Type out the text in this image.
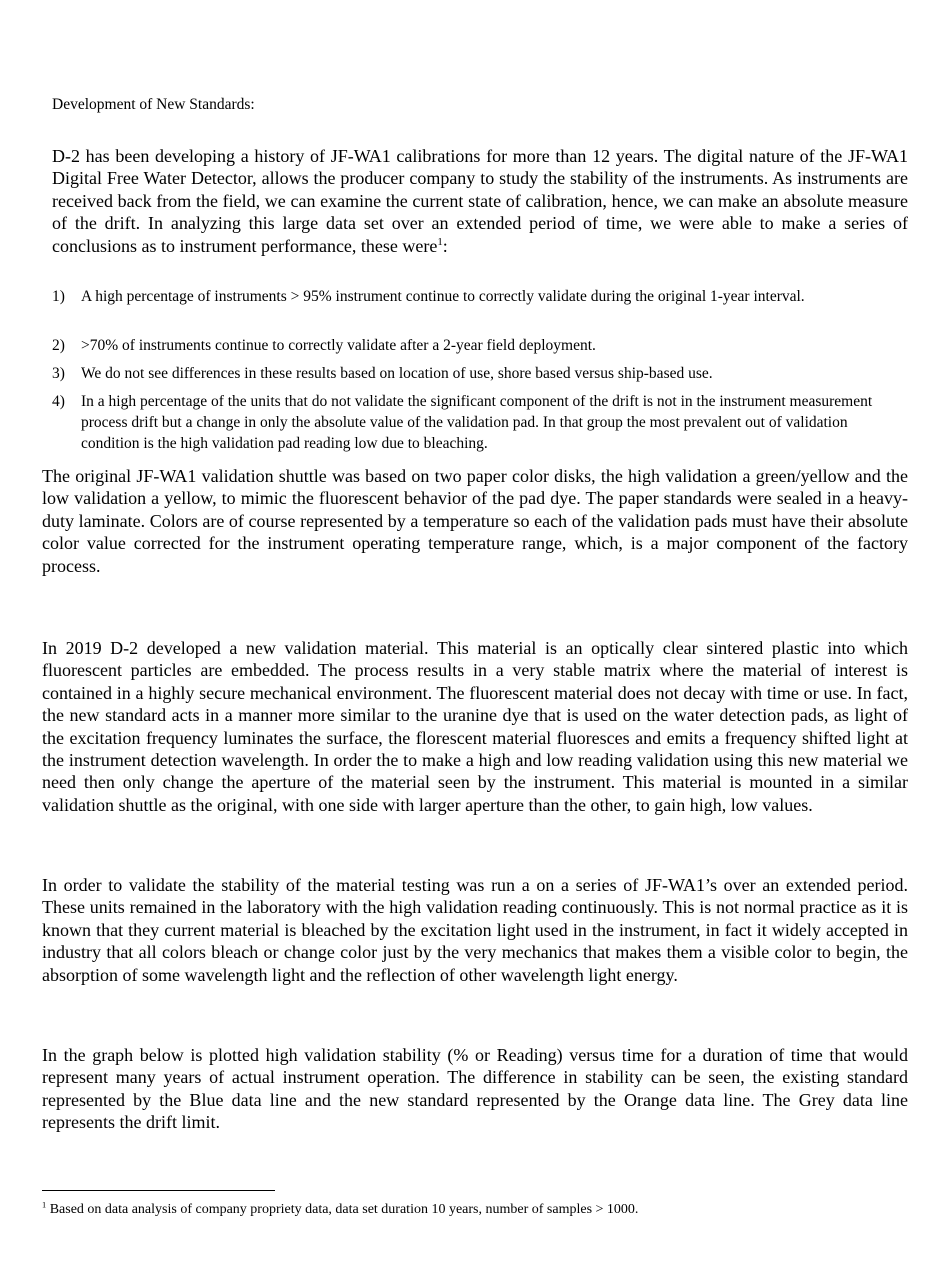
Development of New Standards:
D-2 has been developing a history of JF-WA1 calibrations for more than 12 years. The digital nature of the JF-WA1 Digital Free Water Detector, allows the producer company to study the stability of the instruments. As instruments are received back from the field, we can examine the current state of calibration, hence, we can make an absolute measure of the drift. In analyzing this large data set over an extended period of time, we were able to make a series of conclusions as to instrument performance, these were$^1$:
1) A high percentage of instruments > 95% instrument continue to correctly validate during the original 1-year interval.
2) >70% of instruments continue to correctly validate after a 2-year field deployment.
3) We do not see differences in these results based on location of use, shore based versus ship-based use.
4) In a high percentage of the units that do not validate the significant component of the drift is not in the instrument measurement process drift but a change in only the absolute value of the validation pad. In that group the most prevalent out of validation condition is the high validation pad reading low due to bleaching.
The original JF-WA1 validation shuttle was based on two paper color disks, the high validation a green/yellow and the low validation a yellow, to mimic the fluorescent behavior of the pad dye. The paper standards were sealed in a heavy-duty laminate. Colors are of course represented by a temperature so each of the validation pads must have their absolute color value corrected for the instrument operating temperature range, which, is a major component of the factory process.
In 2019 D-2 developed a new validation material. This material is an optically clear sintered plastic into which fluorescent particles are embedded. The process results in a very stable matrix where the material of interest is contained in a highly secure mechanical environment. The fluorescent material does not decay with time or use. In fact, the new standard acts in a manner more similar to the uranine dye that is used on the water detection pads, as light of the excitation frequency luminates the surface, the florescent material fluoresces and emits a frequency shifted light at the instrument detection wavelength. In order the to make a high and low reading validation using this new material we need then only change the aperture of the material seen by the instrument. This material is mounted in a similar validation shuttle as the original, with one side with larger aperture than the other, to gain high, low values.
In order to validate the stability of the material testing was run a on a series of JF-WA1’s over an extended period. These units remained in the laboratory with the high validation reading continuously. This is not normal practice as it is known that they current material is bleached by the excitation light used in the instrument, in fact it widely accepted in industry that all colors bleach or change color just by the very mechanics that makes them a visible color to begin, the absorption of some wavelength light and the reflection of other wavelength light energy.
In the graph below is plotted high validation stability (% or Reading) versus time for a duration of time that would represent many years of actual instrument operation. The difference in stability can be seen, the existing standard represented by the Blue data line and the new standard represented by the Orange data line. The Grey data line represents the drift limit.
$^1$ Based on data analysis of company propriety data, data set duration 10 years, number of samples > 1000.
